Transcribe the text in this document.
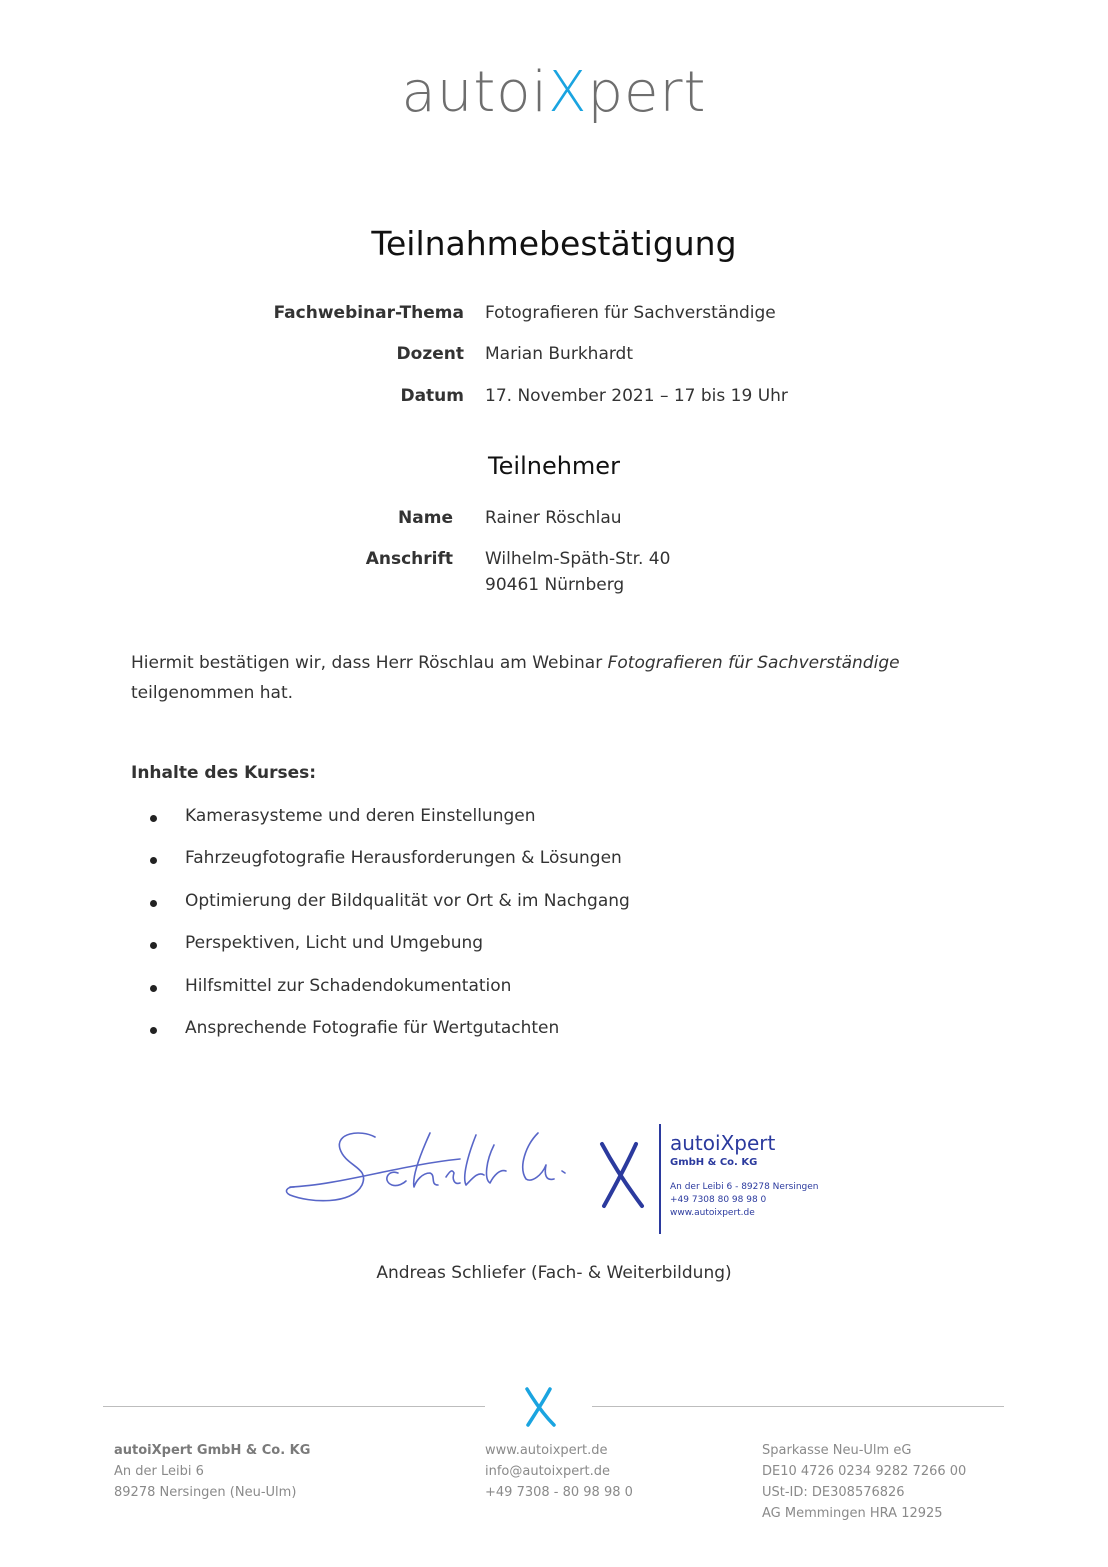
autoiXpert
Teilnahmebestätigung
Fachwebinar-Thema Fotografieren für Sachverständige
Dozent Marian Burkhardt
Datum 17. November 2021 – 17 bis 19 Uhr
Teilnehmer
Name Rainer Röschlau
Anschrift Wilhelm-Späth-Str. 40
90461 Nürnberg
Hiermit bestätigen wir, dass Herr Röschlau am Webinar Fotografieren für Sachverständige
teilgenommen hat.
Inhalte des Kurses:
Kamerasysteme und deren Einstellungen
Fahrzeugfotografie Herausforderungen & Lösungen
Optimierung der Bildqualität vor Ort & im Nachgang
Perspektiven, Licht und Umgebung
Hilfsmittel zur Schadendokumentation
Ansprechende Fotografie für Wertgutachten
autoiXpert
GmbH & Co. KG
An der Leibi 6 - 89278 Nersingen
+49 7308 80 98 98 0
www.autoixpert.de
Andreas Schliefer (Fach- & Weiterbildung)
autoiXpert GmbH & Co. KG
An der Leibi 6
89278 Nersingen (Neu-Ulm)
www.autoixpert.de
info@autoixpert.de
+49 7308 - 80 98 98 0
Sparkasse Neu-Ulm eG
DE10 4726 0234 9282 7266 00
USt-ID: DE308576826
AG Memmingen HRA 12925
